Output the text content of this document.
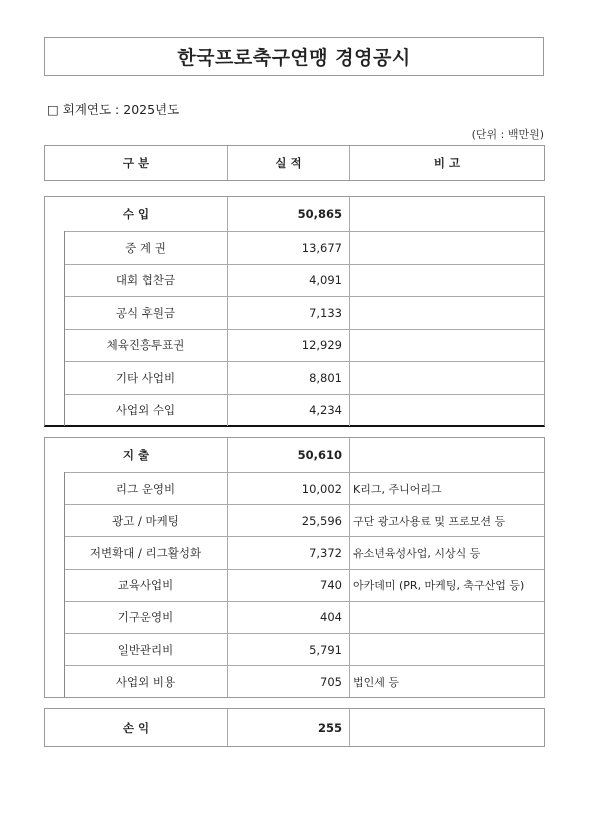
한국프로축구연맹 경영공시
□ 회계연도 : 2025년도
(단위 : 백만원)
구 분	실 적	비 고
수 입	50,865
중 계 권	13,677
대회 협찬금	4,091
공식 후원금	7,133
체육진흥투표권	12,929
기타 사업비	8,801
사업외 수입	4,234
지 출	50,610
리그 운영비	10,002	K리그, 주니어리그
광고 / 마케팅	25,596	구단 광고사용료 및 프로모션 등
저변확대 / 리그활성화	7,372	유소년육성사업, 시상식 등
교육사업비	740	아카데미 (PR, 마케팅, 축구산업 등)
기구운영비	404
일반관리비	5,791
사업외 비용	705	법인세 등
손 익	255
